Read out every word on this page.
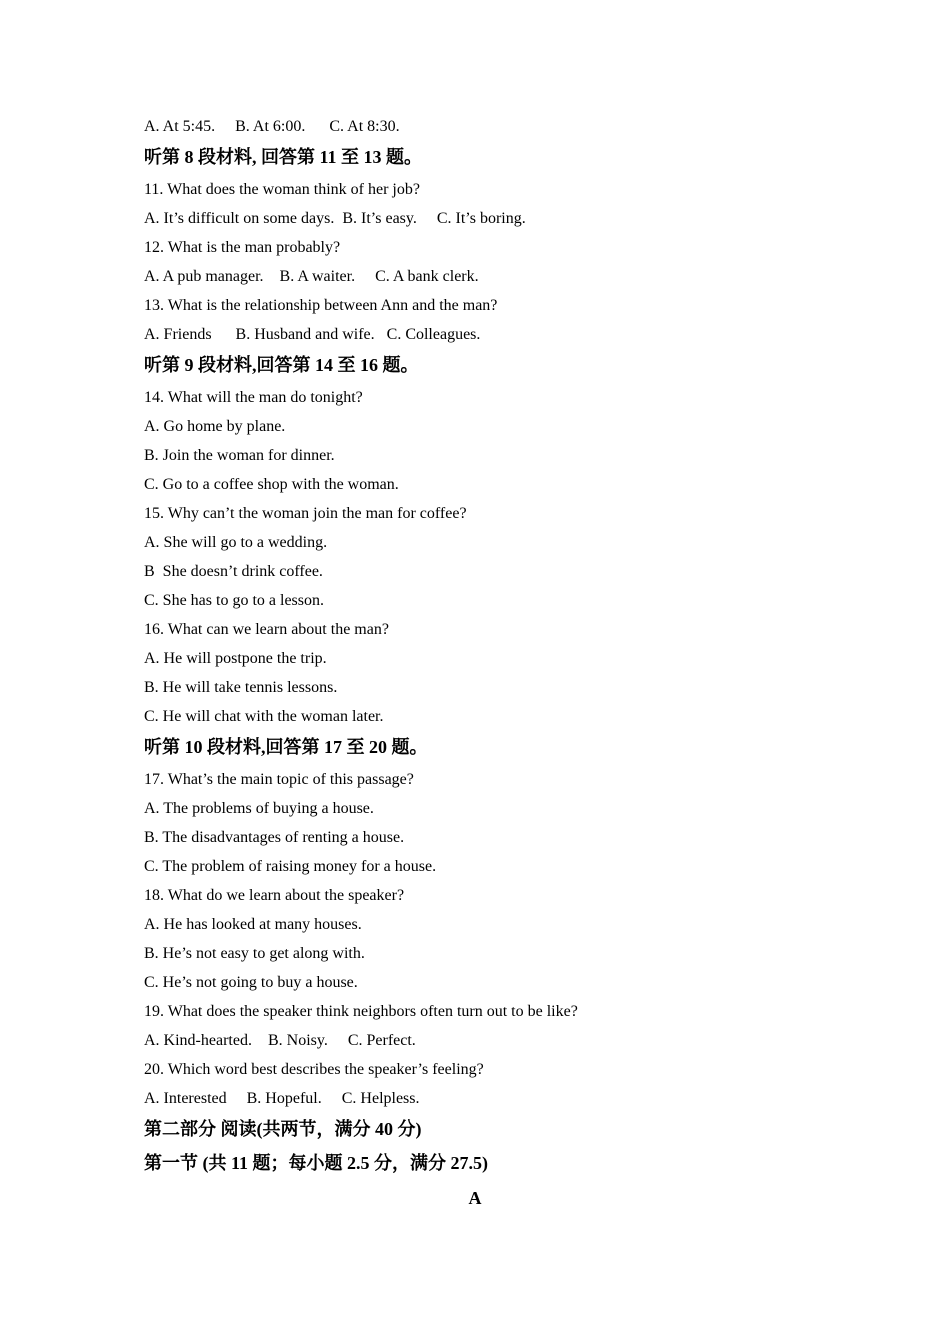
A. At 5:45.     B. At 6:00.      C. At 8:30.
听第 8 段材料, 回答第 11 至 13 题。
11. What does the woman think of her job?
A. It’s difficult on some days.  B. It’s easy.     C. It’s boring.
12. What is the man probably?
A. A pub manager.    B. A waiter.     C. A bank clerk.
13. What is the relationship between Ann and the man?
A. Friends      B. Husband and wife.   C. Colleagues.
听第 9 段材料,回答第 14 至 16 题。
14. What will the man do tonight?
A. Go home by plane.
B. Join the woman for dinner.
C. Go to a coffee shop with the woman.
15. Why can’t the woman join the man for coffee?
A. She will go to a wedding.
B  She doesn’t drink coffee.
C. She has to go to a lesson.
16. What can we learn about the man?
A. He will postpone the trip.
B. He will take tennis lessons.
C. He will chat with the woman later.
听第 10 段材料,回答第 17 至 20 题。
17. What’s the main topic of this passage?
A. The problems of buying a house.
B. The disadvantages of renting a house.
C. The problem of raising money for a house.
18. What do we learn about the speaker?
A. He has looked at many houses.
B. He’s not easy to get along with.
C. He’s not going to buy a house.
19. What does the speaker think neighbors often turn out to be like?
A. Kind-hearted.    B. Noisy.     C. Perfect.
20. Which word best describes the speaker’s feeling?
A. Interested     B. Hopeful.     C. Helpless.
第二部分 阅读(共两节，满分 40 分)
第一节 (共 11 题；每小题 2.5 分，满分 27.5)
A
